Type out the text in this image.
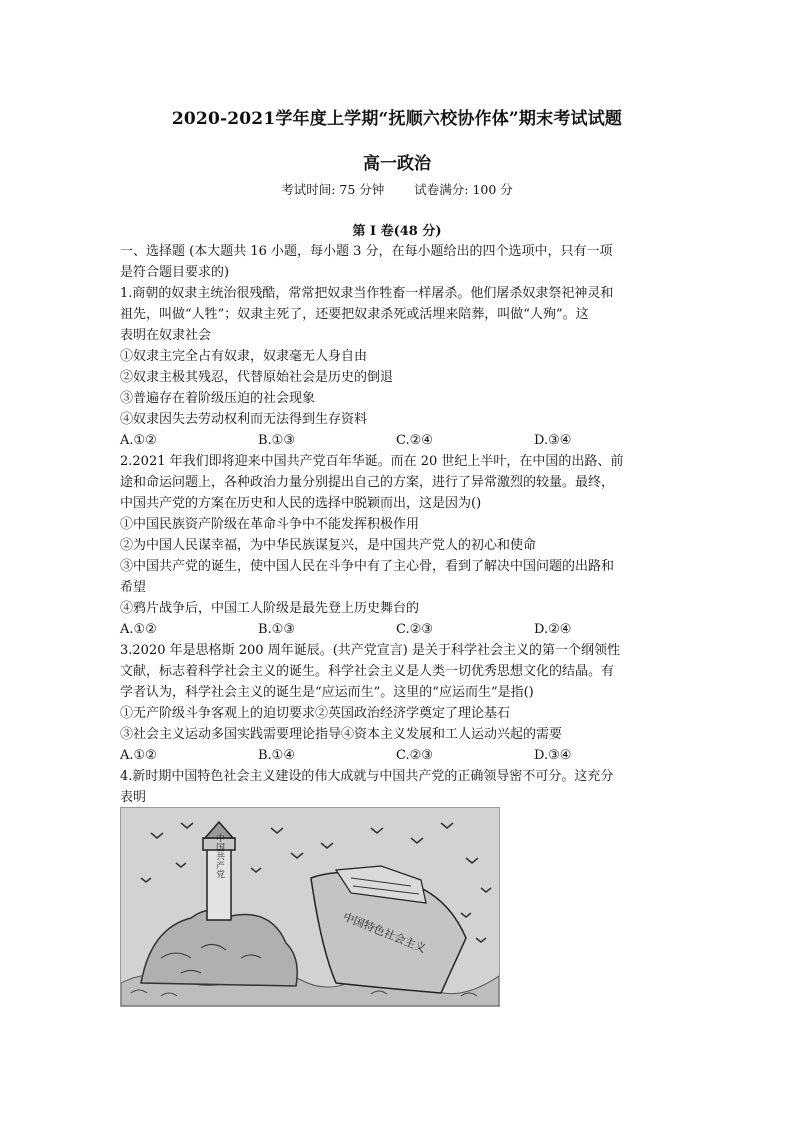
2020-2021学年度上学期“抚顺六校协作体”期末考试试题
高一政治
考试时间: 75 分钟 试卷满分: 100 分
第 I 卷(48 分)

一、选择题 (本大题共 16 小题，每小题 3 分，在每小题给出的四个选项中，只有一项

是符合题目要求的)

1.商朝的奴隶主统治很残酷，常常把奴隶当作牲畜一样屠杀。他们屠杀奴隶祭祀神灵和

祖先，叫做“人牲”；奴隶主死了，还要把奴隶杀死或活埋来陪葬，叫做“人殉”。这

表明在奴隶社会

①奴隶主完全占有奴隶，奴隶毫无人身自由

②奴隶主极其残忍，代替原始社会是历史的倒退

③普遍存在着阶级压迫的社会现象

④奴隶因失去劳动权利而无法得到生存资料

A.①②	B.①③	C.②④	D.③④

2.2021 年我们即将迎来中国共产党百年华诞。而在 20 世纪上半叶，在中国的出路、前

途和命运问题上，各种政治力量分别提出自己的方案，进行了异常激烈的较量。最终，

中国共产党的方案在历史和人民的选择中脱颖而出，这是因为()

①中国民族资产阶级在革命斗争中不能发挥积极作用

②为中国人民谋幸福，为中华民族谋复兴，是中国共产党人的初心和使命

③中国共产党的诞生，使中国人民在斗争中有了主心骨，看到了解决中国问题的出路和

希望

④鸦片战争后，中国工人阶级是最先登上历史舞台的

A.①②	B.①③	C.②③	D.②④

3.2020 年是思格斯 200 周年诞辰。(共产党宣言) 是关于科学社会主义的第一个纲领性

文献，标志着科学社会主义的诞生。科学社会主义是人类一切优秀思想文化的结晶。有

学者认为，科学社会主义的诞生是“应运而生”。这里的“应运而生”是指()

①无产阶级斗争客观上的迫切要求②英国政治经济学奠定了理论基石

③社会主义运动多国实践需要理论指导④资本主义发展和工人运动兴起的需要

A.①②	B.①④	C.②③	D.③④

4.新时期中国特色社会主义建设的伟大成就与中国共产党的正确领导密不可分。这充分

表明

中国共产党
中国特色社会主义
